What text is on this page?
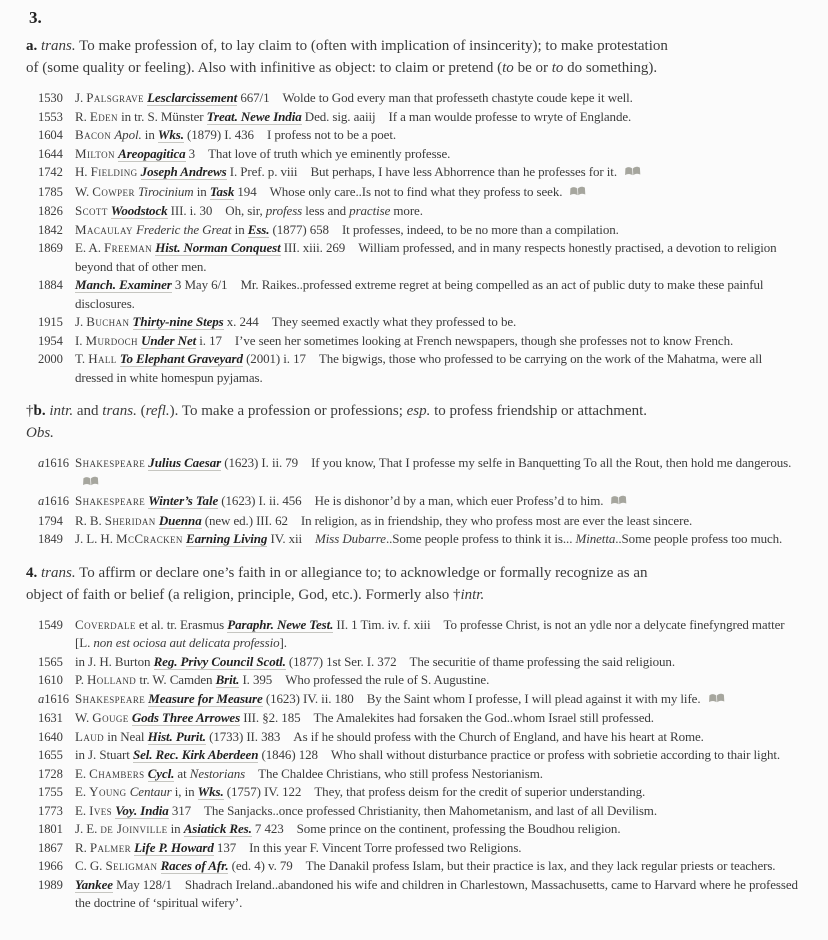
3.
a. trans. To make profession of, to lay claim to (often with implication of insincerity); to make protestation of (some quality or feeling). Also with infinitive as object: to claim or pretend (to be or to do something).
1530 J. Palsgrave Lesclarcissement 667/1 Wolde to God every man that professeth chastyte coude kepe it well.
1553 R. Eden in tr. S. Münster Treat. Newe India Ded. sig. aaiij If a man woulde professe to wryte of Englande.
1604 Bacon Apol. in Wks. (1879) I. 436 I profess not to be a poet.
1644 Milton Areopagitica 3 That love of truth which ye eminently professe.
1742 H. Fielding Joseph Andrews I. Pref. p. viii But perhaps, I have less Abhorrence than he professes for it.
1785 W. Cowper Tirocinium in Task 194 Whose only care..Is not to find what they profess to seek.
1826 Scott Woodstock III. i. 30 Oh, sir, profess less and practise more.
1842 Macaulay Frederic the Great in Ess. (1877) 658 It professes, indeed, to be no more than a compilation.
1869 E. A. Freeman Hist. Norman Conquest III. xiii. 269 William professed, and in many respects honestly practised, a devotion to religion beyond that of other men.
1884 Manch. Examiner 3 May 6/1 Mr. Raikes..professed extreme regret at being compelled as an act of public duty to make these painful disclosures.
1915 J. Buchan Thirty-nine Steps x. 244 They seemed exactly what they professed to be.
1954 I. Murdoch Under Net i. 17 I’ve seen her sometimes looking at French newspapers, though she professes not to know French.
2000 T. Hall To Elephant Graveyard (2001) i. 17 The bigwigs, those who professed to be carrying on the work of the Mahatma, were all dressed in white homespun pyjamas.
†b. intr. and trans. (refl.). To make a profession or professions; esp. to profess friendship or attachment. Obs.
a1616 Shakespeare Julius Caesar (1623) I. ii. 79 If you know, That I professe my selfe in Banquetting To all the Rout, then hold me dangerous.
a1616 Shakespeare Winter’s Tale (1623) I. ii. 456 He is dishonor’d by a man, which euer Profess’d to him.
1794 R. B. Sheridan Duenna (new ed.) III. 62 In religion, as in friendship, they who profess most are ever the least sincere.
1849 J. L. H. McCracken Earning Living IV. xii Miss Dubarre..Some people profess to think it is... Minetta..Some people profess too much.
4. trans. To affirm or declare one’s faith in or allegiance to; to acknowledge or formally recognize as an object of faith or belief (a religion, principle, God, etc.). Formerly also †intr.
1549 Coverdale et al. tr. Erasmus Paraphr. Newe Test. II. 1 Tim. iv. f. xiii To professe Christ, is not an ydle nor a delycate finefyngred matter [L. non est ociosa aut delicata professio].
1565 in J. H. Burton Reg. Privy Council Scotl. (1877) 1st Ser. I. 372 The securitie of thame professing the said religioun.
1610 P. Holland tr. W. Camden Brit. I. 395 Who professed the rule of S. Augustine.
a1616 Shakespeare Measure for Measure (1623) IV. ii. 180 By the Saint whom I professe, I will plead against it with my life.
1631 W. Gouge Gods Three Arrowes III. §2. 185 The Amalekites had forsaken the God..whom Israel still professed.
1640 Laud in Neal Hist. Purit. (1733) II. 383 As if he should profess with the Church of England, and have his heart at Rome.
1655 in J. Stuart Sel. Rec. Kirk Aberdeen (1846) 128 Who shall without disturbance practice or profess with sobrietie according to thair light.
1728 E. Chambers Cycl. at Nestorians The Chaldee Christians, who still profess Nestorianism.
1755 E. Young Centaur i, in Wks. (1757) IV. 122 They, that profess deism for the credit of superior understanding.
1773 E. Ives Voy. India 317 The Sanjacks..once professed Christianity, then Mahometanism, and last of all Devilism.
1801 J. E. de Joinville in Asiatick Res. 7 423 Some prince on the continent, professing the Boudhou religion.
1867 R. Palmer Life P. Howard 137 In this year F. Vincent Torre professed two Religions.
1966 C. G. Seligman Races of Afr. (ed. 4) v. 79 The Danakil profess Islam, but their practice is lax, and they lack regular priests or teachers.
1989 Yankee May 128/1 Shadrach Ireland..abandoned his wife and children in Charlestown, Massachusetts, came to Harvard where he professed the doctrine of ‘spiritual wifery’.
